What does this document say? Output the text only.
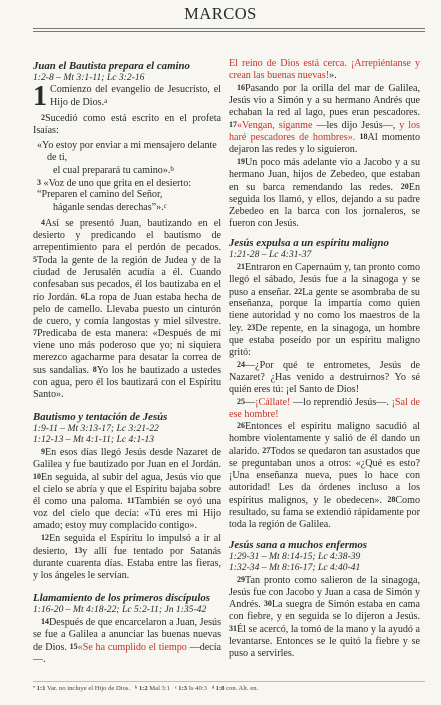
MARCOS
Juan el Bautista prepara el camino
1:2-8 – Mt 3:1-11; Lc 3:2-16

1 Comienzo del evangelio de Jesucristo, el Hijo de Dios.a

2Sucedió como está escrito en el profeta Isaías:

«Yo estoy por enviar a mi mensajero delante de ti,
el cual preparará tu camino».b
3 «Voz de uno que grita en el desierto:
“Preparen el camino del Señor,
háganle sendas derechas”».c

4Así se presentó Juan, bautizando en el desierto y predicando el bautismo de arrepentimiento para el perdón de pecados. 5Toda la gente de la región de Judea y de la ciudad de Jerusalén acudía a él. Cuando confesaban sus pecados, él los bautizaba en el río Jordán. 6La ropa de Juan estaba hecha de pelo de camello. Llevaba puesto un cinturón de cuero, y comía langostas y miel silvestre. 7Predicaba de esta manera: «Después de mí viene uno más poderoso que yo; ni siquiera merezco agacharme para desatar la correa de sus sandalias. 8Yo los he bautizado a ustedes con agua, pero él los bautizará con el Espíritu Santo».

Bautismo y tentación de Jesús
1:9-11 – Mt 3:13-17; Lc 3:21-22
1:12-13 – Mt 4:1-11; Lc 4:1-13

9En esos días llegó Jesús desde Nazaret de Galilea y fue bautizado por Juan en el Jordán. 10En seguida, al subir del agua, Jesús vio que el cielo se abría y que el Espíritu bajaba sobre él como una paloma. 11También se oyó una voz del cielo que decía: «Tú eres mi Hijo amado; estoy muy complacido contigo».

12En seguida el Espíritu lo impulsó a ir al desierto, 13y allí fue tentado por Satanás durante cuarenta días. Estaba entre las fieras, y los ángeles le servían.

Llamamiento de los primeros discípulos
1:16-20 – Mt 4:18-22; Lc 5:2-11; Jn 1:35-42

14Después de que encarcelaron a Juan, Jesús se fue a Galilea a anunciar las buenas nuevas de Dios. 15«Se ha cumplido el tiempo —decía—.

El reino de Dios está cerca. ¡Arrepiéntanse y crean las buenas nuevas!».

16Pasando por la orilla del mar de Galilea, Jesús vio a Simón y a su hermano Andrés que echaban la red al lago, pues eran pescadores. 17«Vengan, síganme —les dijo Jesús—, y los haré pescadores de hombres». 18Al momento dejaron las redes y lo siguieron.

19Un poco más adelante vio a Jacobo y a su hermano Juan, hijos de Zebedeo, que estaban en su barca remendando las redes. 20En seguida los llamó, y ellos, dejando a su padre Zebedeo en la barca con los jornaleros, se fueron con Jesús.

Jesús expulsa a un espíritu maligno
1:21-28 – Lc 4:31-37

21Entraron en Capernaúm y, tan pronto como llegó el sábado, Jesús fue a la sinagoga y se puso a enseñar. 22La gente se asombraba de su enseñanza, porque la impartía como quien tiene autoridad y no como los maestros de la ley. 23De repente, en la sinagoga, un hombre que estaba poseído por un espíritu maligno gritó:

24—¿Por qué te entrometes, Jesús de Nazaret? ¿Has venido a destruirnos? Yo sé quién eres tú: ¡el Santo de Dios!

25—¡Cállate! —lo reprendió Jesús—. ¡Sal de ese hombre!

26Entonces el espíritu maligno sacudió al hombre violentamente y salió de él dando un alarido. 27Todos se quedaron tan asustados que se preguntaban unos a otros: «¿Qué es esto? ¡Una enseñanza nueva, pues lo hace con autoridad! Les da órdenes incluso a los espíritus malignos, y le obedecen». 28Como resultado, su fama se extendió rápidamente por toda la región de Galilea.

Jesús sana a muchos enfermos
1:29-31 – Mt 8:14-15; Lc 4:38-39
1:32-34 – Mt 8:16-17; Lc 4:40-41

29Tan pronto como salieron de la sinagoga, Jesús fue con Jacobo y Juan a casa de Simón y Andrés. 30La suegra de Simón estaba en cama con fiebre, y en seguida se lo dijeron a Jesús. 31Él se acercó, la tomó de la mano y la ayudó a levantarse. Entonces se le quitó la fiebre y se puso a servirles.

ª 1:1 Var. no incluye el Hijo de Dios. ᵇ 1:2 Mal 3:1 ᶜ 1:3 Is 40:3 ᵈ 1:8 con. Alt. en.
